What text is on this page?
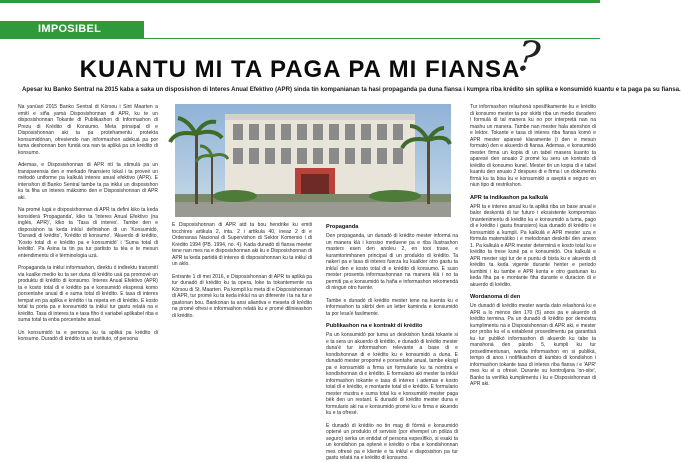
IMPOSIBEL
KUANTU MI TA PAGA PA MI FIANSA
?
Apesar ku Banko Sentral na 2015 kaba a saka un disposishon di Interes Anual Efektivo (APR) sinda tin kompanianan ta hasi propaganda pa duna fiansa i kumpra riba krédito sin splika e konsumidó kuantu e ta paga pa su fiansa.

Na yanüari 2015 Banko Sentral di Kòrsou i Sint Maarten a emití e siña yamá Disposishonnan di APR, ku te un disposishonnan Tokante di Publikashon di Informashon di Prezu di Krédito di Konsumo. Meta prinsipal di e Disposishonnan aki ta pa protehamentu protekta konsumidónan, ofresiendo nan informashon adekuá pa por tuma deshonnan bon fundá ora nan ta apliká pa un krédito di konsumo.

Ademas, e Disposishonnan di APR ntí ta stimulá pa un transparensia den e merkado finansiero lokal i ta proveé un métodó uniforme pa kalkulá interes anual efektivo (APR). E intenshon di Banko Sentral tambe ta pa inklui un disposishon ku ta fiha un interes máksimo den e Disposishonnan di APR aki.

Na promé lugá e disposishonnan di APR ta defini kiko ta keda konsiderá 'Propaganda', kiko ta 'Interes Anual Efektivo (na inglés, APR)', kiko ta 'Tasa di interes'. Tambe den e disposishon ta keda inkluí definishon di un 'Konsumidó, 'Duraxdi di krédito', 'Krédito di konsumo', 'Akuerdo di krédito, 'Kosto total di e krédito pa e konsumidó' i 'Suma total di krédito'. Pa Asina ta tin pa tur partisto ta téa e te mesun entendimentu di e tèrminologia uzá.

Propaganda ta inkluí informashon, direktu ó indirektu transmití via kualke medio ku ta ser duna di krédito usá pa promové un produktu di krédito di konsumo. Interes Anual Efektivo (APR) ta e kosto total di e krédito pa e konsumidó ekspresá komo porsentahe anual di e suma total di krédito. E tasa di interes tempat en pa aplika e krédito i ta repeta en di krédito. E kosto total ta porta pa e konsumidó ta inkluí tur gastu relatá na e krédito. Tasa di interes ta e tasa fiho ó variabel aplikabel riba e suma total ta enba porcentahe anual.

Un konsumidó ta e persona ku ta apliká pa krédito di konsumo. Duradó di krédito ta un instituto, of persona

E Disposishonnan di APR atd ta bou hendrike ku emiti tocchires artikula 2, inta. 2 i artikula 40, ineaz 2 di e Ordenansa Nacional di Supervishon di Sektor Komersio i di Krédito 1994 (PB. 1994, no. 4). Kada dunadó di fiansa meeter tene nan mes na e disposishonnan aki ku e Disposishonnan di APR ta keda partidá di interes di disposishonnan ku ta inkluí di un aklo.

Entrante 1 di mei 2016, e Disposishonnan di APR ta apliká pa tur dunadó di krédito ku ta opera, loke ta tokantemente na Kòrsou di St. Maarten. Pa kompli ku meta di e Disposishonnan di APR, tur promé ku ta keda inkluí na un diferente i ta na tur e gastonan bou. Bankonan ta ansi aliantiva e meseta di krédito na promé ofresi e informashon relatá ku e promé dilinieashon di krédito.

Propaganda

Den propaganda, un dunadó di krédito mester informá na un manera klá i konsiso meduene pa e riba Ilustrashon masters esen den anoleu 2, en tooi trase, e kuramtorimhanen principal di un produkto di krédito. Ta nakeri pa e tasa di interes fuerza ku kualkier otro gastu ta inkluí den e kosto total di e krédito di konsumo. E suso mester prosenta informashonnan na manera klá i no ta permití pa e konsumidó ta haña e informashon rekomendá di ningun otro fuente.

Tambe e dunadó di krédito mester tene na kuenta ku e informashon ta skirbí den un letter kaminda e konsumidó ta por lesa'é fasilmente.

Publikashon na e kontrakt di krédito

Pa un konsumidó por tuma un deskishon fundá tokante si e ta sera un akuerdo di krédito, e dunadó di krédito mester duna'é tur informashon relevante a base di e kondishonnan di e krédito ku e konsumidó a duna. E dunadó mester propomé e porsentahe anual, tambe eksigí pa e konsumidó a firma un formulario ku ta nombra e kondishonnan di e krédito. E formulario aki mester ta inkluí informashon tokante e tasa di interes i ademas e kosto total di e krédito, e montante total di e krédito. E formulario mester mustra e suma total ku e konsumidó mester paga bèk den un restant. E dunadó di krédito mester duna e formulario aki na e konsumidó promé ku e firma e akuerdo ku e ta ofresé.

E dunadó di krédito no tin mag di fórmá e konsumidó optené un produkto of servisio (por ehempel un póliza di seguro) serka un entidat of persona espesífiko, si esaki ta un kondishon pa optené e krédito o riba e kondishonnan mes ofresé pa e kliente e ta inkluí e disposishon pa tur gastu relatá na e krédito di konsumo.

Tur informashon relashoná spesífikamente ku e krédito di konsumo mester ta por skirbi riba un medio duradero i formulá di tal manera ku no por interpretá nan na mashu un manera. Tambe nan mester hala atenshon di e lektor. Tokante e tasa di interes riba fiansa komó e APR mester aparesé klaramente (i den e mesun formato) den e akuerdo di fiansa. Ademas, e konsumidó mester firma un kopia di un tabel masera kuanto ta aparesé den anuaio 2 promé ku seru un kontrato di krédito di konsumo kunel. Mester tin un kopia di e tabel kuantu den anuaio 2 despues di e firma i un dokumentu firmá ku ta bisa ku e konsumidó a aseptá e seguro en niun tipo di restrikshon.

APR ta indikashon pa kalkulá

APR ta e interes anual ku ta apliká riba un base anual e balor deskontá di tur futuro i ekssistente kompromiso (mantenimentu di krédito ku e konsumidó a tuma, pago di e krédito i gastu finansiero) kua dunadó di krédito i e konsumidó a kumpli. Pa kalkulá e APR mester uza e fórmula matemátiko i e metodonan deskribí den anexo 1. Pa kalkulá e APR mester determiná e kosto total ku e krédito ta trese kuné pa e konsumidó. Ora kalkulá e APR mester sigi tur de e puntu di bista ku e akuerdo di krédito ta keda vigente durante henter e periodo kumbini i ku tambe e APR konta e otro gastunan ku keda fiha pa e montante fiha durante e duracion di e akuerdo di krédito.

Wordanoma di den

Un dunadó di krédito mester warda dato relashoná ku e APR a lo ménos den 170 (5) anos pa e akuerdo di krédito termina. Pa un dunadó di krédito por demostra kumplimentu na e Disposishonnan di APR aki, e mester por proba ku el a establesé prosedimentu pa garantisá ku tur publikó informashon di akuerdo ku tabe ta manshoná den párafo 5, kumpli ku tur prosedimentunan, warda informashon en si publiká, tempo di anos i notifikashon di kambio di kondishon i informashon tokante tasa di interes riba fiansa i e 'APR' mes ku el a ofresé. Durante su kontroljana 'on-site', Banko ta verifiká kumplimentu i ku e Disposishonnan di APR aki.
